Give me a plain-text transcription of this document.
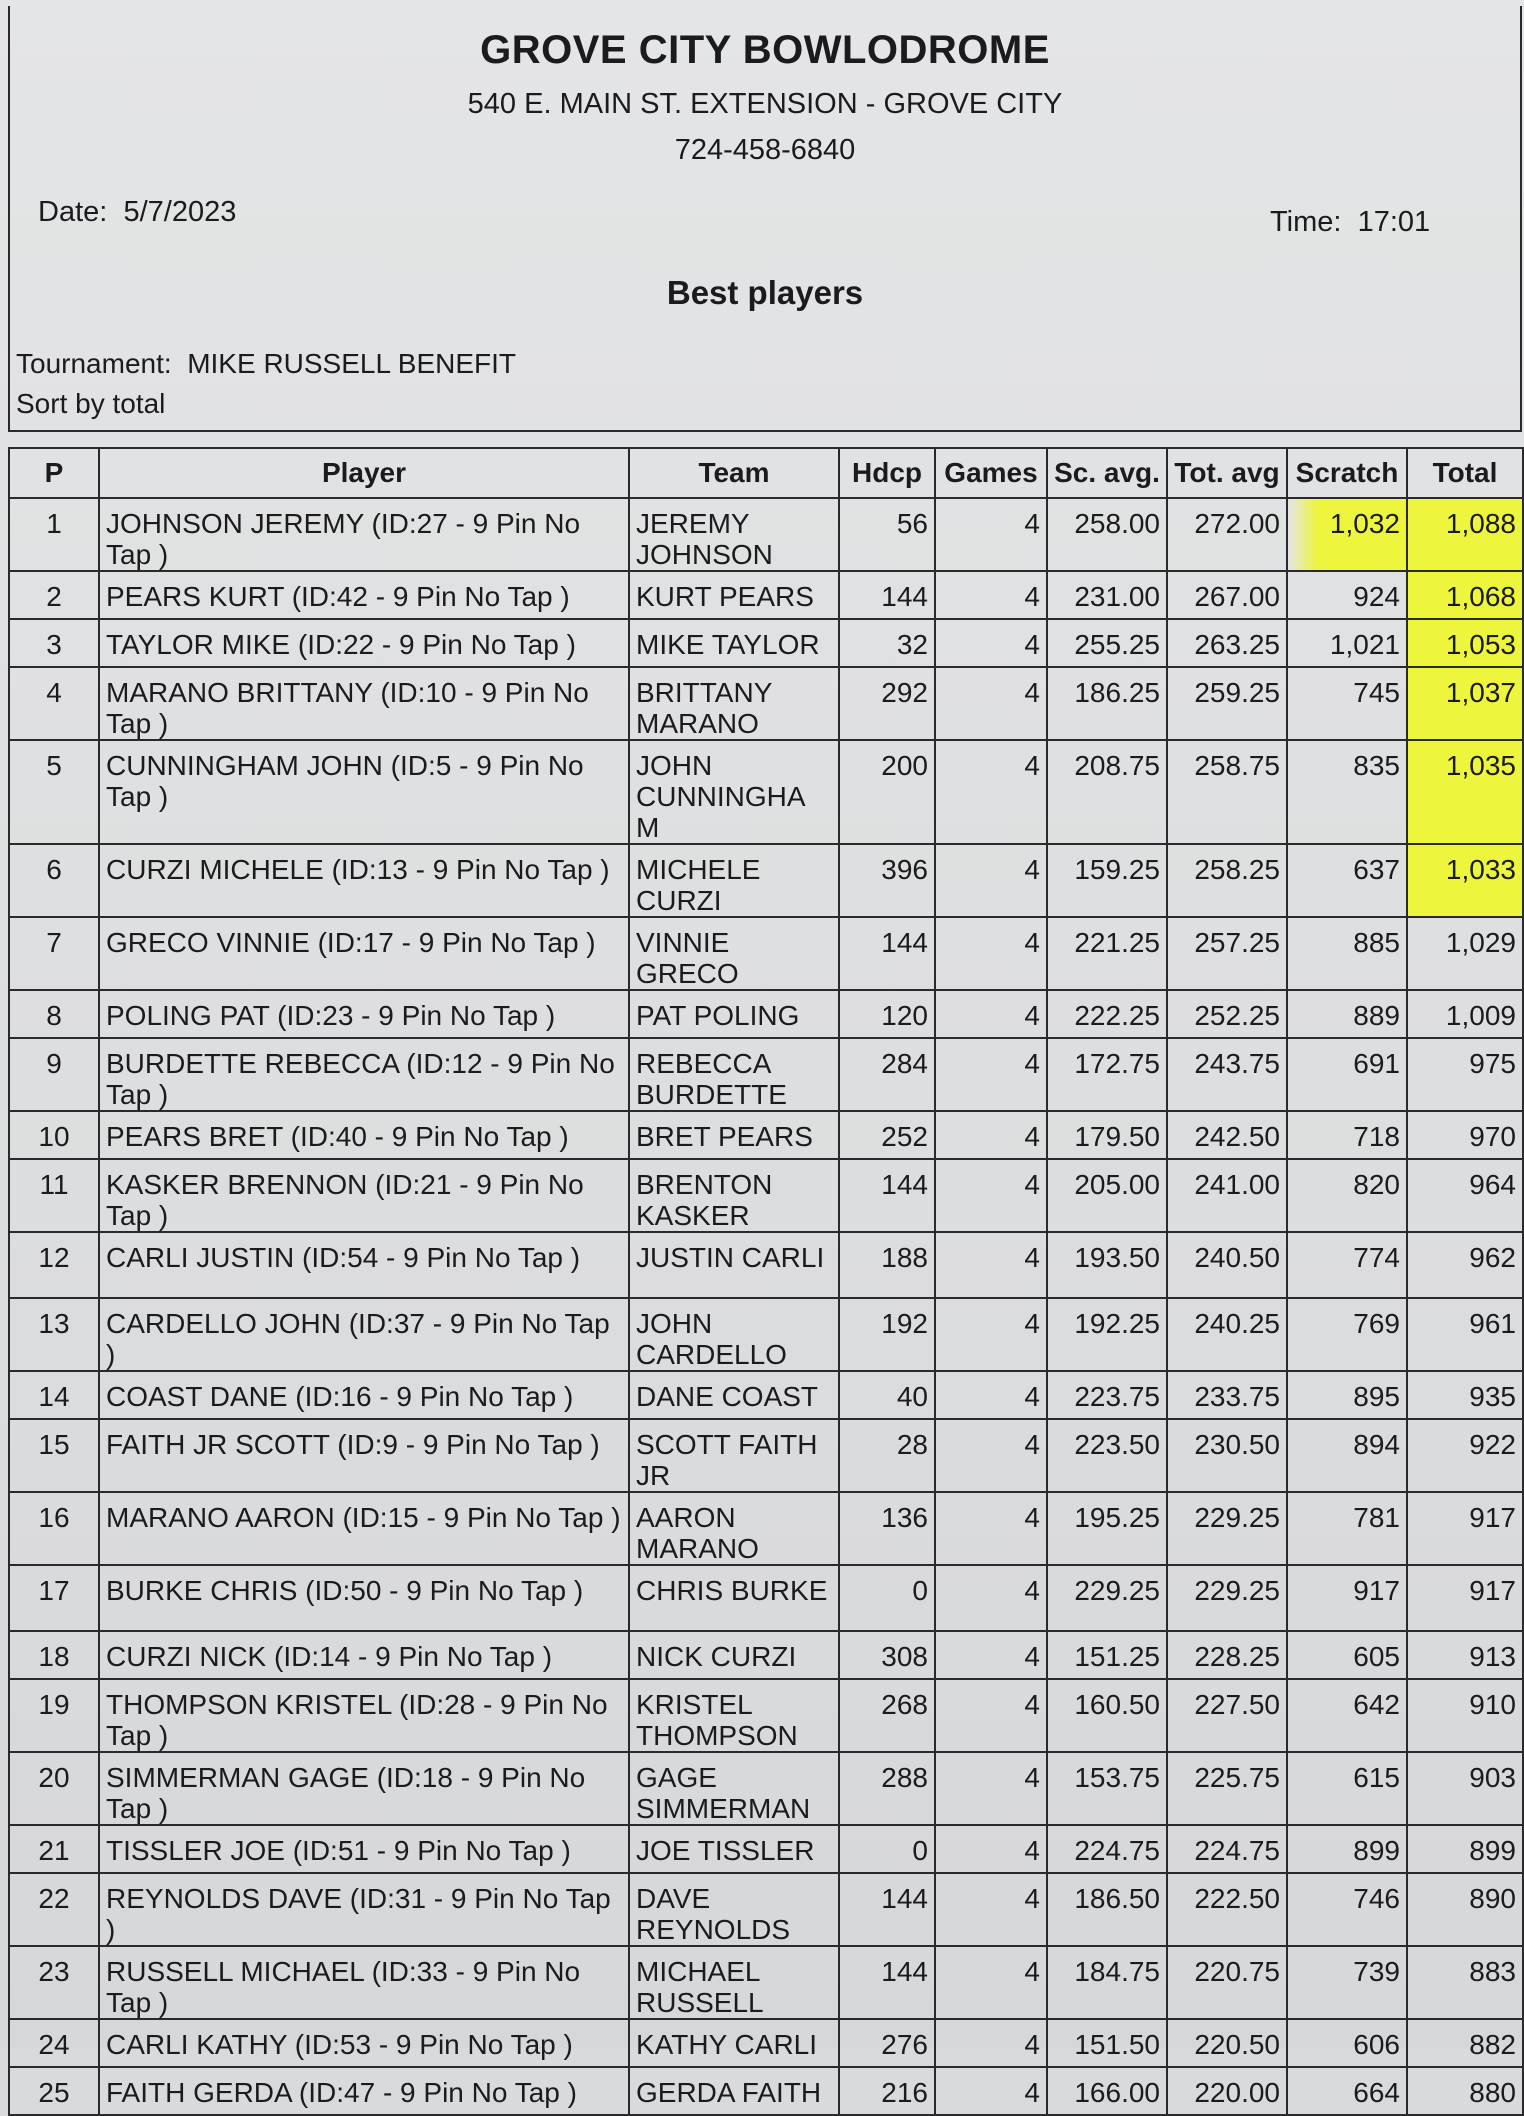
GROVE CITY BOWLODROME
540 E. MAIN ST. EXTENSION - GROVE CITY
724-458-6840
Date: 5/7/2023	Time: 17:01
Best players
Tournament: MIKE RUSSELL BENEFIT
Sort by total
P	Player	Team	Hdcp	Games	Sc. avg.	Tot. avg	Scratch	Total
1	JOHNSON JEREMY (ID:27 - 9 Pin No Tap )	JEREMY JOHNSON	56	4	258.00	272.00	1,032	1,088
2	PEARS KURT (ID:42 - 9 Pin No Tap )	KURT PEARS	144	4	231.00	267.00	924	1,068
3	TAYLOR MIKE (ID:22 - 9 Pin No Tap )	MIKE TAYLOR	32	4	255.25	263.25	1,021	1,053
4	MARANO BRITTANY (ID:10 - 9 Pin No Tap )	BRITTANY MARANO	292	4	186.25	259.25	745	1,037
5	CUNNINGHAM JOHN (ID:5 - 9 Pin No Tap )	JOHN CUNNINGHA M	200	4	208.75	258.75	835	1,035
6	CURZI MICHELE (ID:13 - 9 Pin No Tap )	MICHELE CURZI	396	4	159.25	258.25	637	1,033
7	GRECO VINNIE (ID:17 - 9 Pin No Tap )	VINNIE GRECO	144	4	221.25	257.25	885	1,029
8	POLING PAT (ID:23 - 9 Pin No Tap )	PAT POLING	120	4	222.25	252.25	889	1,009
9	BURDETTE REBECCA (ID:12 - 9 Pin No Tap )	REBECCA BURDETTE	284	4	172.75	243.75	691	975
10	PEARS BRET (ID:40 - 9 Pin No Tap )	BRET PEARS	252	4	179.50	242.50	718	970
11	KASKER BRENNON (ID:21 - 9 Pin No Tap )	BRENTON KASKER	144	4	205.00	241.00	820	964
12	CARLI JUSTIN (ID:54 - 9 Pin No Tap )	JUSTIN CARLI	188	4	193.50	240.50	774	962
13	CARDELLO JOHN (ID:37 - 9 Pin No Tap )	JOHN CARDELLO	192	4	192.25	240.25	769	961
14	COAST DANE (ID:16 - 9 Pin No Tap )	DANE COAST	40	4	223.75	233.75	895	935
15	FAITH JR SCOTT (ID:9 - 9 Pin No Tap )	SCOTT FAITH JR	28	4	223.50	230.50	894	922
16	MARANO AARON (ID:15 - 9 Pin No Tap )	AARON MARANO	136	4	195.25	229.25	781	917
17	BURKE CHRIS (ID:50 - 9 Pin No Tap )	CHRIS BURKE	0	4	229.25	229.25	917	917
18	CURZI NICK (ID:14 - 9 Pin No Tap )	NICK CURZI	308	4	151.25	228.25	605	913
19	THOMPSON KRISTEL (ID:28 - 9 Pin No Tap )	KRISTEL THOMPSON	268	4	160.50	227.50	642	910
20	SIMMERMAN GAGE (ID:18 - 9 Pin No Tap )	GAGE SIMMERMAN	288	4	153.75	225.75	615	903
21	TISSLER JOE (ID:51 - 9 Pin No Tap )	JOE TISSLER	0	4	224.75	224.75	899	899
22	REYNOLDS DAVE (ID:31 - 9 Pin No Tap )	DAVE REYNOLDS	144	4	186.50	222.50	746	890
23	RUSSELL MICHAEL (ID:33 - 9 Pin No Tap )	MICHAEL RUSSELL	144	4	184.75	220.75	739	883
24	CARLI KATHY (ID:53 - 9 Pin No Tap )	KATHY CARLI	276	4	151.50	220.50	606	882
25	FAITH GERDA (ID:47 - 9 Pin No Tap )	GERDA FAITH	216	4	166.00	220.00	664	880
